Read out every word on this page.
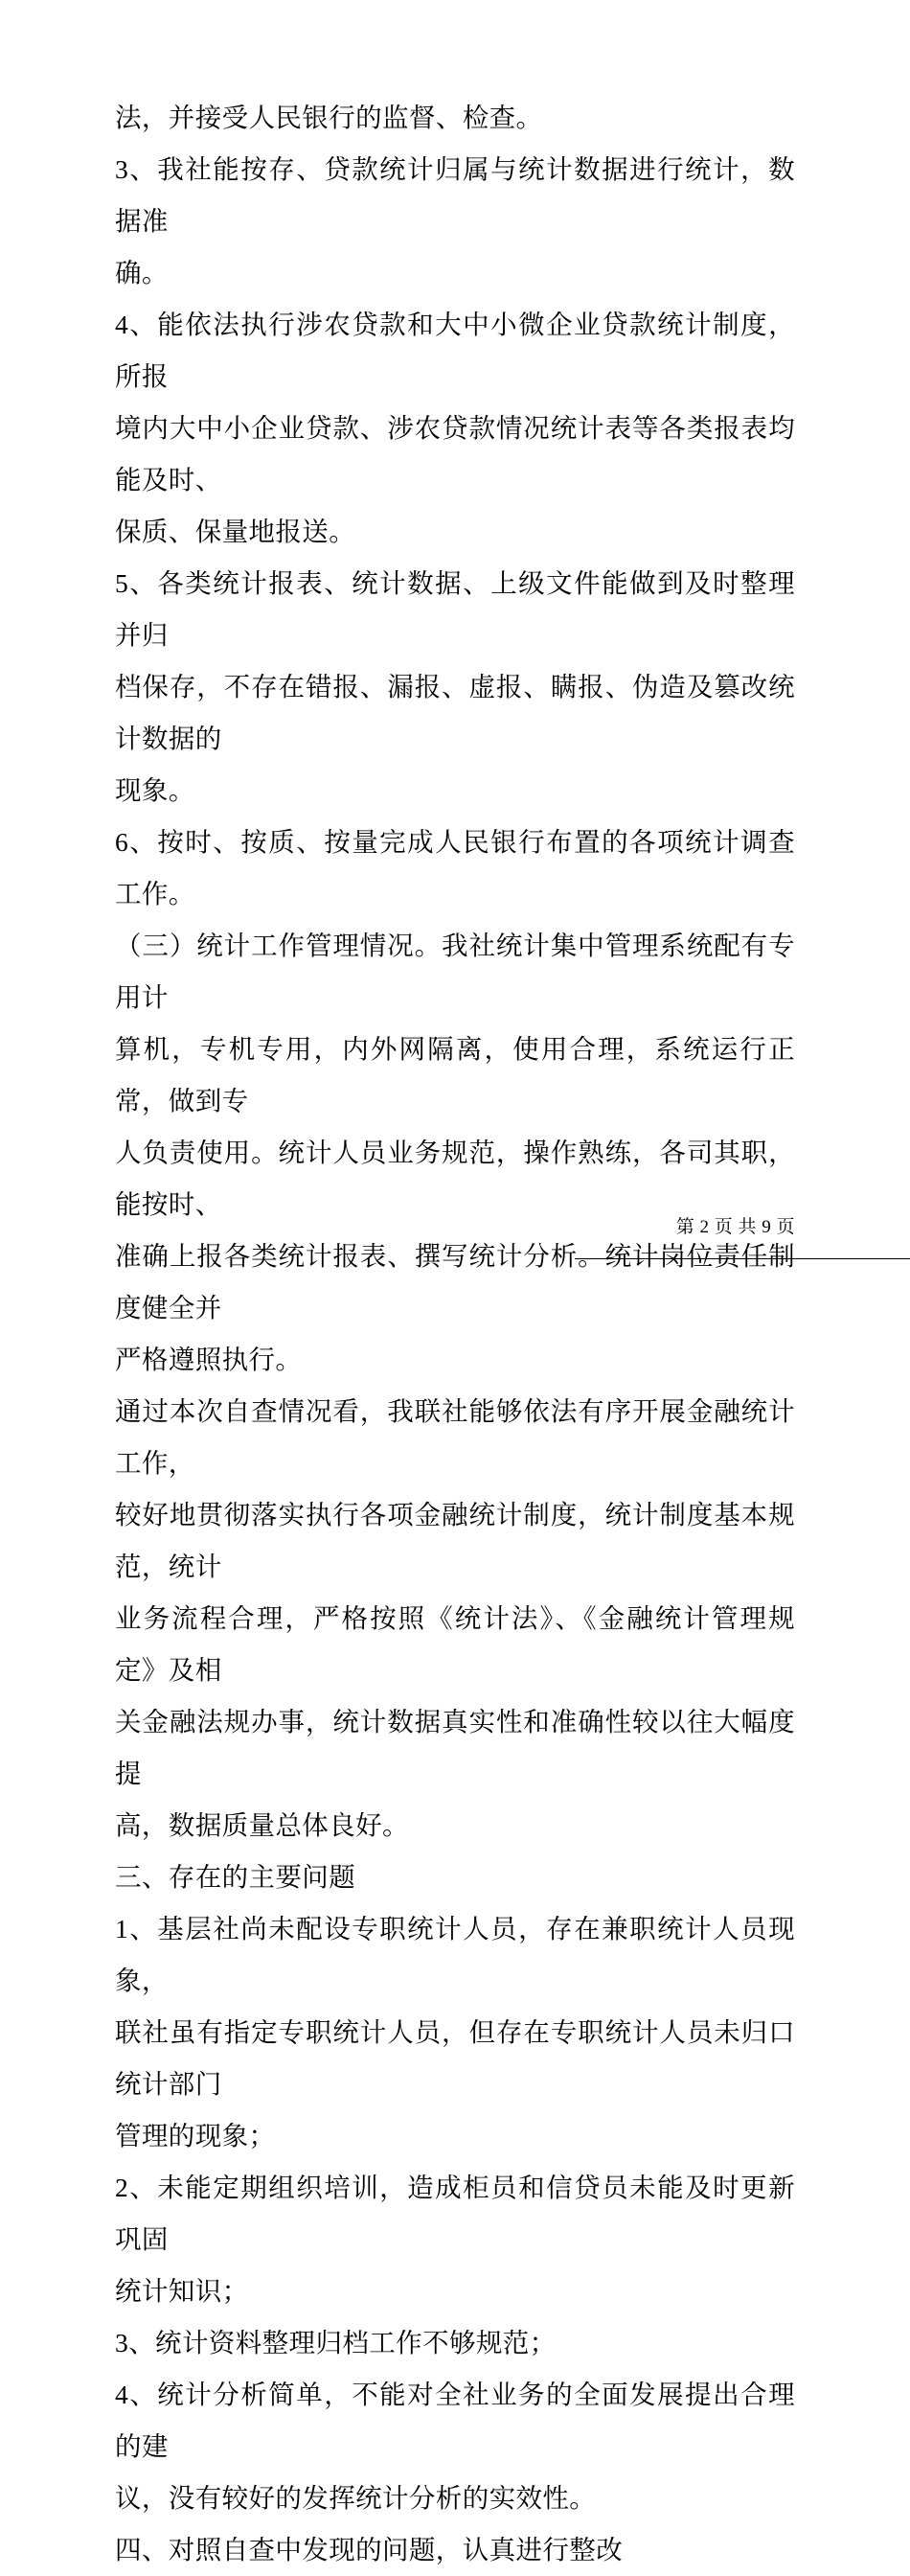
法，并接受人民银行的监督、检查。

3、我社能按存、贷款统计归属与统计数据进行统计，数据准

确。

4、能依法执行涉农贷款和大中小微企业贷款统计制度，所报

境内大中小企业贷款、涉农贷款情况统计表等各类报表均能及时、

保质、保量地报送。

5、各类统计报表、统计数据、上级文件能做到及时整理并归

档保存，不存在错报、漏报、虚报、瞒报、伪造及篡改统计数据的

现象。

6、按时、按质、按量完成人民银行布置的各项统计调查工作。

（三）统计工作管理情况。我社统计集中管理系统配有专用计

算机，专机专用，内外网隔离，使用合理，系统运行正常，做到专

人负责使用。统计人员业务规范，操作熟练，各司其职，能按时、

准确上报各类统计报表、撰写统计分析。统计岗位责任制度健全并

严格遵照执行。

通过本次自查情况看，我联社能够依法有序开展金融统计工作，

较好地贯彻落实执行各项金融统计制度，统计制度基本规范，统计

业务流程合理，严格按照《统计法》、《金融统计管理规定》及相

关金融法规办事，统计数据真实性和准确性较以往大幅度提

高，数据质量总体良好。

三、存在的主要问题

1、基层社尚未配设专职统计人员，存在兼职统计人员现象，

联社虽有指定专职统计人员，但存在专职统计人员未归口统计部门

管理的现象；

2、未能定期组织培训，造成柜员和信贷员未能及时更新巩固

统计知识；

3、统计资料整理归档工作不够规范；

4、统计分析简单，不能对全社业务的全面发展提出合理的建

议，没有较好的发挥统计分析的实效性。

四、对照自查中发现的问题，认真进行整改

第 2 页 共 9 页
